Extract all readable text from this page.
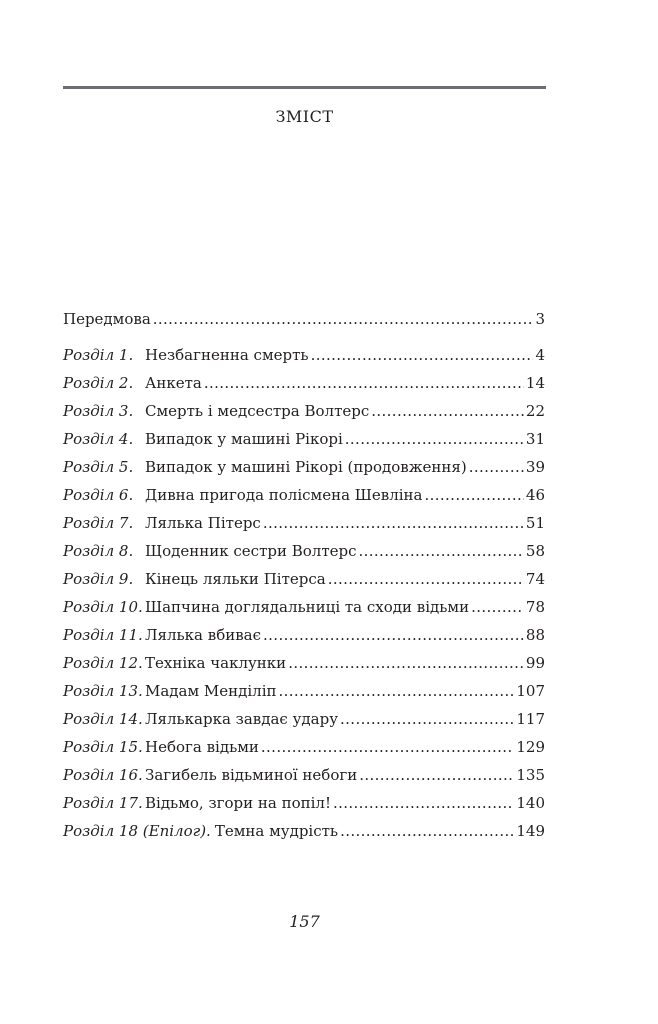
ЗМІСТ
Передмова . . .	3
Розділ 1. Незбагненна смерть . . .	4
Розділ 2. Анкета . . .	14
Розділ 3. Смерть і медсестра Волтерс . . .	22
Розділ 4. Випадок у машині Рікорі . . .	31
Розділ 5. Випадок у машині Рікорі (продовження) . . .	39
Розділ 6. Дивна пригода полісмена Шевліна . . .	46
Розділ 7. Лялька Пітерс . . .	51
Розділ 8. Щоденник сестри Волтерс . . .	58
Розділ 9. Кінець ляльки Пітерса . . .	74
Розділ 10. Шапчина доглядальниці та сходи відьми . . .	78
Розділ 11. Лялька вбиває . . .	88
Розділ 12. Техніка чаклунки . . .	99
Розділ 13. Мадам Менділіп . . .	107
Розділ 14. Лялькарка завдає удару . . .	117
Розділ 15. Небога відьми . . .	129
Розділ 16. Загибель відьминої небоги . . .	135
Розділ 17. Відьмо, згори на попіл! . . .	140
Розділ 18 (Епілог). Темна мудрість . . .	149
157
